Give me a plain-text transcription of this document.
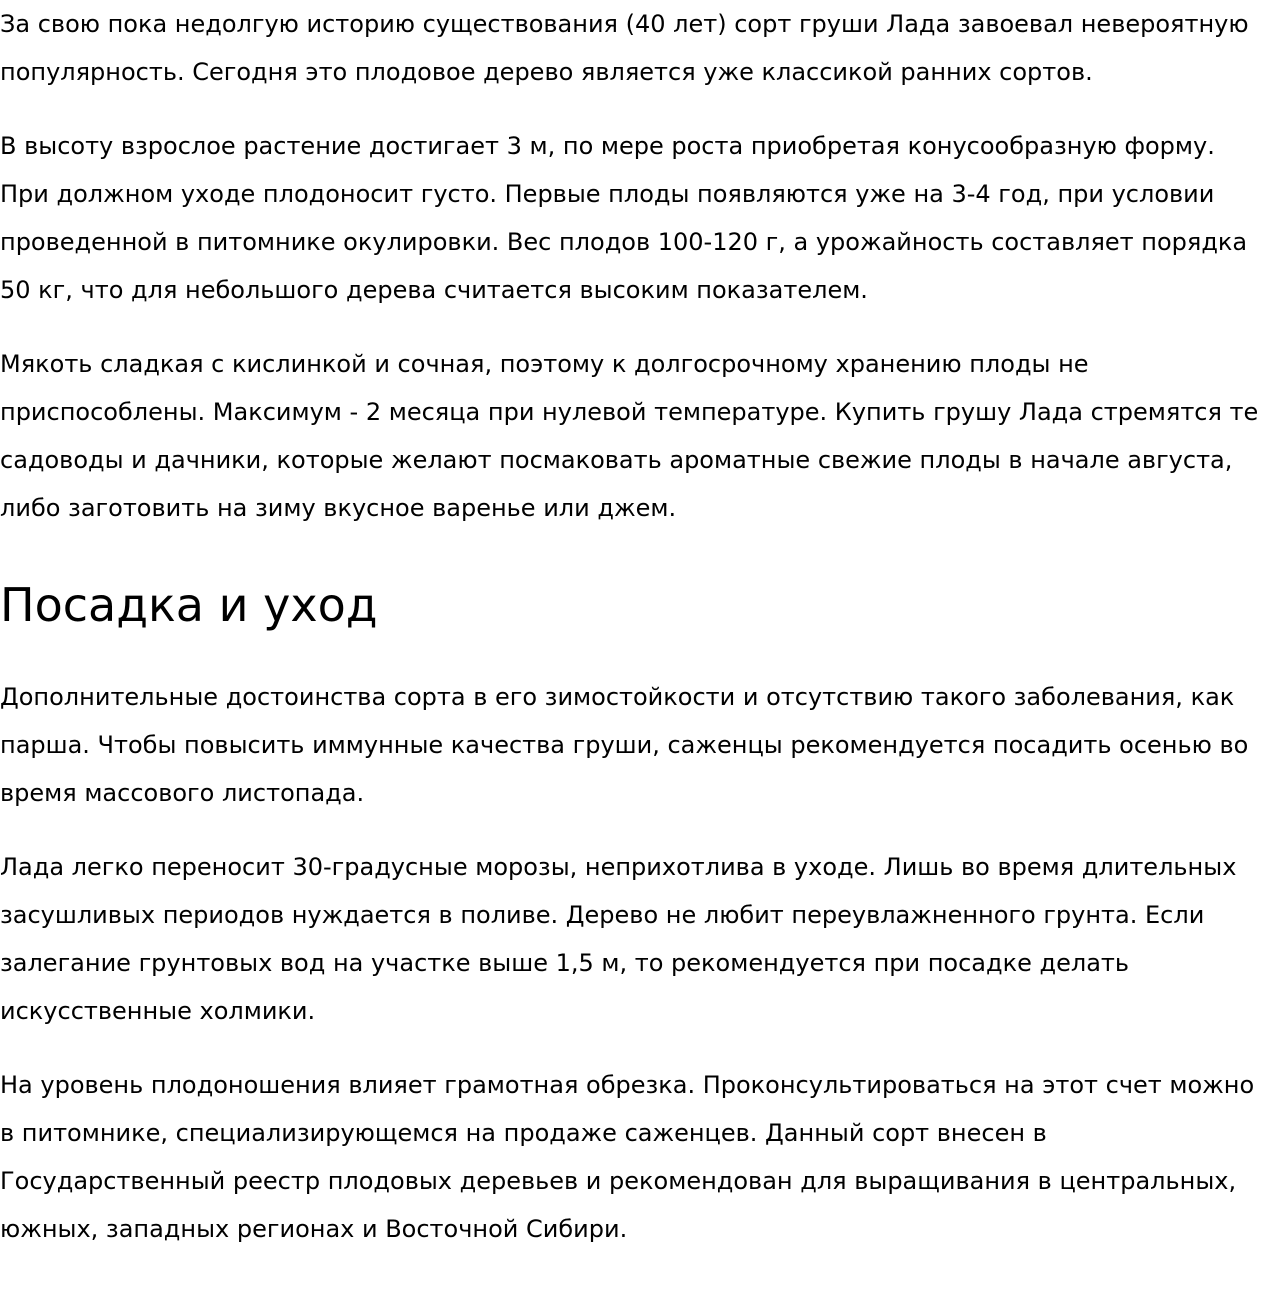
За свою пока недолгую историю существования (40 лет) сорт груши Лада завоевал невероятную популярность. Сегодня это плодовое дерево является уже классикой ранних сортов.

В высоту взрослое растение достигает 3 м, по мере роста приобретая конусообразную форму. При должном уходе плодоносит густо. Первые плоды появляются уже на 3-4 год, при условии проведенной в питомнике окулировки. Вес плодов 100-120 г, а урожайность составляет порядка 50 кг, что для небольшого дерева считается высоким показателем.

Мякоть сладкая с кислинкой и сочная, поэтому к долгосрочному хранению плоды не приспособлены. Максимум - 2 месяца при нулевой температуре. Купить грушу Лада стремятся те садоводы и дачники, которые желают посмаковать ароматные свежие плоды в начале августа, либо заготовить на зиму вкусное варенье или джем.

Посадка и уход

Дополнительные достоинства сорта в его зимостойкости и отсутствию такого заболевания, как парша. Чтобы повысить иммунные качества груши, саженцы рекомендуется посадить осенью во время массового листопада.

Лада легко переносит 30-градусные морозы, неприхотлива в уходе. Лишь во время длительных засушливых периодов нуждается в поливе. Дерево не любит переувлажненного грунта. Если залегание грунтовых вод на участке выше 1,5 м, то рекомендуется при посадке делать искусственные холмики.

На уровень плодоношения влияет грамотная обрезка. Проконсультироваться на этот счет можно в питомнике, специализирующемся на продаже саженцев. Данный сорт внесен в Государственный реестр плодовых деревьев и рекомендован для выращивания в центральных, южных, западных регионах и Восточной Сибири.
